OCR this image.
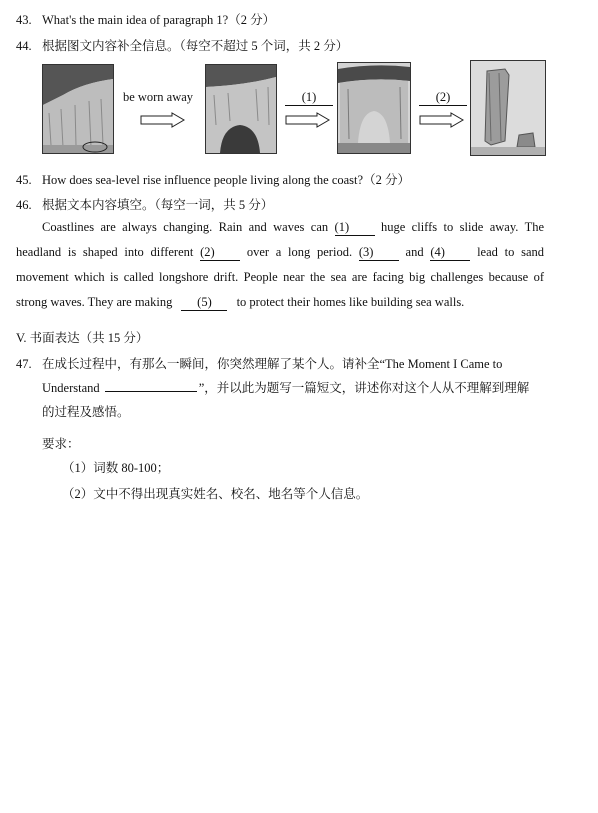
43. What's the main idea of paragraph 1?（2 分）
44. 根据图文内容补全信息。（每空不超过 5 个词，共 2 分）
be worn away	(1)	(2)
45. How does sea-level rise influence people living along the coast?（2 分）
46. 根据文本内容填空。（每空一词，共 5 分）
Coastlines are always changing. Rain and waves can (1)	huge cliffs to slide away. The
headland is shaped into different (2)	over a long period. (3)	and (4)	lead to sand
movement which is called longshore drift. People near the sea are facing big challenges because of
strong waves. They are making (5) to protect their homes like building sea walls.
V. 书面表达（共 15 分）
47. 在成长过程中，有那么一瞬间，你突然理解了某个人。请补全“The Moment I Came to
Understand	”，并以此为题写一篇短文，讲述你对这个人从不理解到理解
的过程及感悟。
要求：
（1）词数 80-100；
（2）文中不得出现真实姓名、校名、地名等个人信息。
